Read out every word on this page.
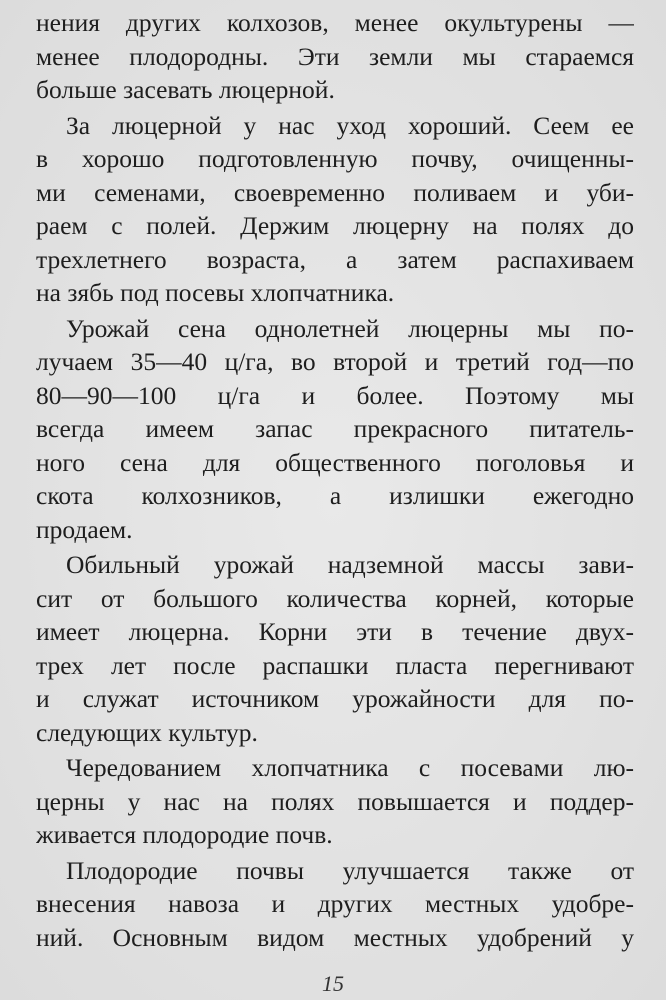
нения других колхозов, менее окультурены —
менее плодородны. Эти земли мы стараемся
больше засевать люцерной.
За люцерной у нас уход хороший. Сеем ее
в хорошо подготовленную почву, очищенны-
ми семенами, своевременно поливаем и уби-
раем с полей. Держим люцерну на полях до
трехлетнего возраста, а затем распахиваем
на зябь под посевы хлопчатника.
Урожай сена однолетней люцерны мы по-
лучаем 35—40 ц/га, во второй и третий год—по
80—90—100 ц/га и более. Поэтому мы
всегда имеем запас прекрасного питатель-
ного сена для общественного поголовья и
скота колхозников, а излишки ежегодно
продаем.
Обильный урожай надземной массы зави-
сит от большого количества корней, которые
имеет люцерна. Корни эти в течение двух-
трех лет после распашки пласта перегнивают
и служат источником урожайности для по-
следующих культур.
Чередованием хлопчатника с посевами лю-
церны у нас на полях повышается и поддер-
живается плодородие почв.
Плодородие почвы улучшается также от
внесения навоза и других местных удобре-
ний. Основным видом местных удобрений у
15
